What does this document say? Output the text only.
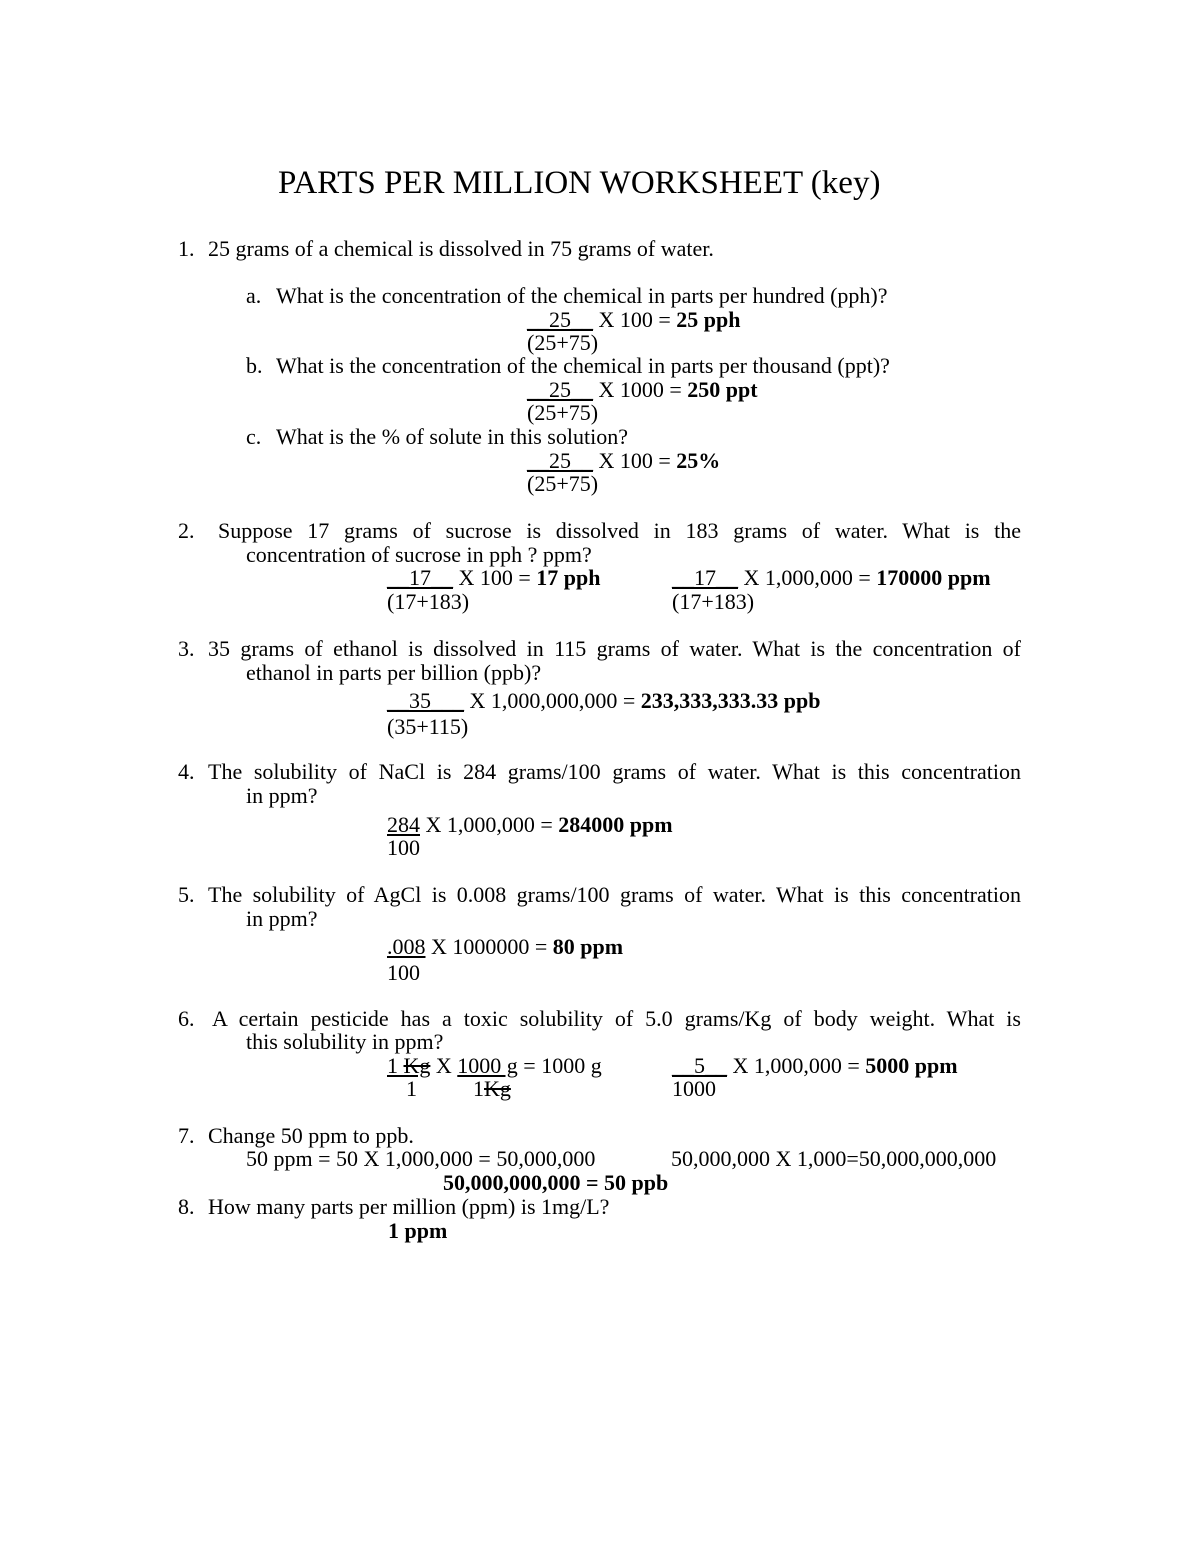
PARTS PER MILLION WORKSHEET (key)
1. 25 grams of a chemical is dissolved in 75 grams of water.
a. What is the concentration of the chemical in parts per hundred (pph)?
__25__ X 100 = 25 pph
(25+75)
b. What is the concentration of the chemical in parts per thousand (ppt)?
__25__ X 1000 = 250 ppt
(25+75)
c. What is the % of solute in this solution?
__25__ X 100 = 25%
(25+75)
2. Suppose 17 grams of sucrose is dissolved in 183 grams of water. What is the
concentration of sucrose in pph ? ppm?
__17__ X 100 = 17 pph
(17+183)
__17__ X 1,000,000 = 170000 ppm
(17+183)
3. 35 grams of ethanol is dissolved in 115 grams of water. What is the concentration of
ethanol in parts per billion (ppb)?
__35___ X 1,000,000,000 = 233,333,333.33 ppb
(35+115)
4. The solubility of NaCl is 284 grams/100 grams of water. What is this concentration
in ppm?
284 X 1,000,000 = 284000 ppm
100
5. The solubility of AgCl is 0.008 grams/100 grams of water. What is this concentration
in ppm?
.008 X 1000000 = 80 ppm
100
6. A certain pesticide has a toxic solubility of 5.0 grams/Kg of body weight. What is
this solubility in ppm?
1 Kg X 1000 g = 1000 g
1	1Kg
__5__ X 1,000,000 = 5000 ppm
1000
7. Change 50 ppm to ppb.
50 ppm = 50 X 1,000,000 = 50,000,000	50,000,000 X 1,000=50,000,000,000
50,000,000,000 = 50 ppb
8. How many parts per million (ppm) is 1mg/L?
1 ppm
